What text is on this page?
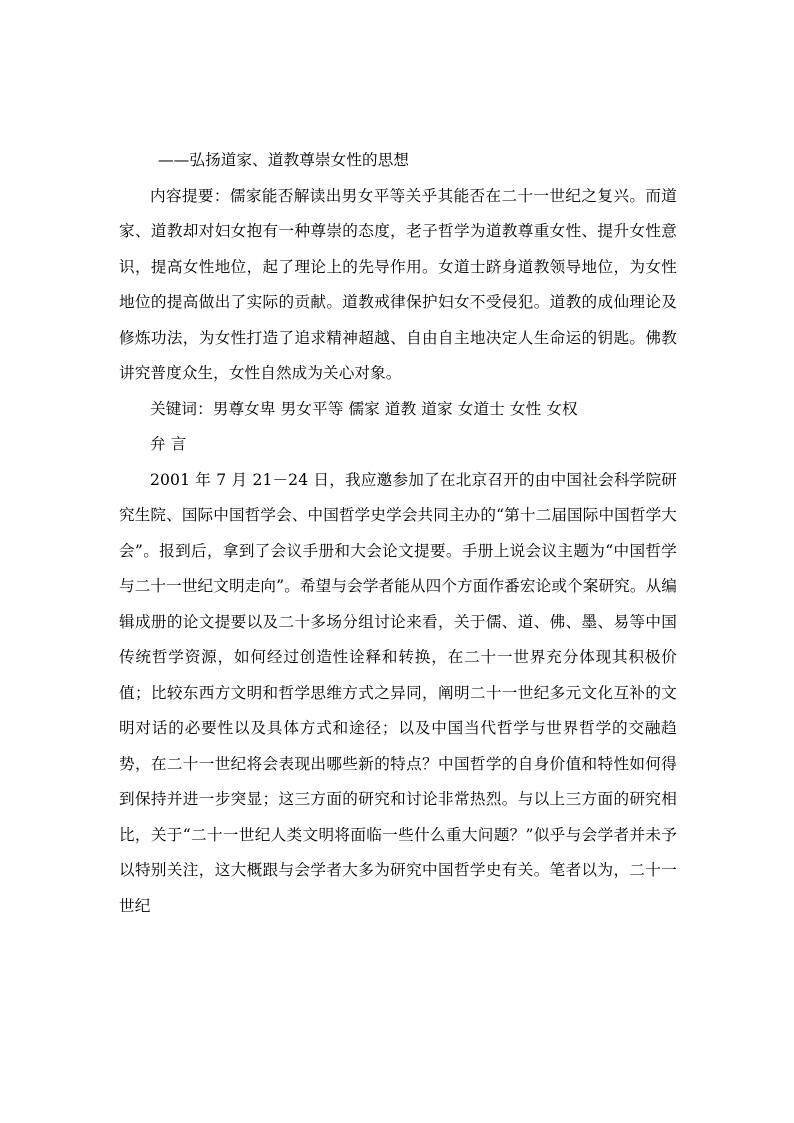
——弘扬道家、道教尊崇女性的思想

内容提要：儒家能否解读出男女平等关乎其能否在二十一世纪之复兴。而道家、道教却对妇女抱有一种尊崇的态度，老子哲学为道教尊重女性、提升女性意识，提高女性地位，起了理论上的先导作用。女道士跻身道教领导地位，为女性地位的提高做出了实际的贡献。道教戒律保护妇女不受侵犯。道教的成仙理论及修炼功法，为女性打造了追求精神超越、自由自主地决定人生命运的钥匙。佛教讲究普度众生，女性自然成为关心对象。

关键词：男尊女卑 男女平等 儒家 道教 道家 女道士 女性 女权

弁 言

2001 年 7 月 21－24 日，我应邀参加了在北京召开的由中国社会科学院研究生院、国际中国哲学会、中国哲学史学会共同主办的“第十二届国际中国哲学大会”。报到后，拿到了会议手册和大会论文提要。手册上说会议主题为“中国哲学与二十一世纪文明走向”。希望与会学者能从四个方面作番宏论或个案研究。从编辑成册的论文提要以及二十多场分组讨论来看，关于儒、道、佛、墨、易等中国传统哲学资源，如何经过创造性诠释和转换，在二十一世界充分体现其积极价值；比较东西方文明和哲学思维方式之异同，阐明二十一世纪多元文化互补的文明对话的必要性以及具体方式和途径；以及中国当代哲学与世界哲学的交融趋势，在二十一世纪将会表现出哪些新的特点？中国哲学的自身价值和特性如何得到保持并进一步突显；这三方面的研究和讨论非常热烈。与以上三方面的研究相比，关于“二十一世纪人类文明将面临一些什么重大问题？”似乎与会学者并未予以特别关注，这大概跟与会学者大多为研究中国哲学史有关。笔者以为，二十一世纪
